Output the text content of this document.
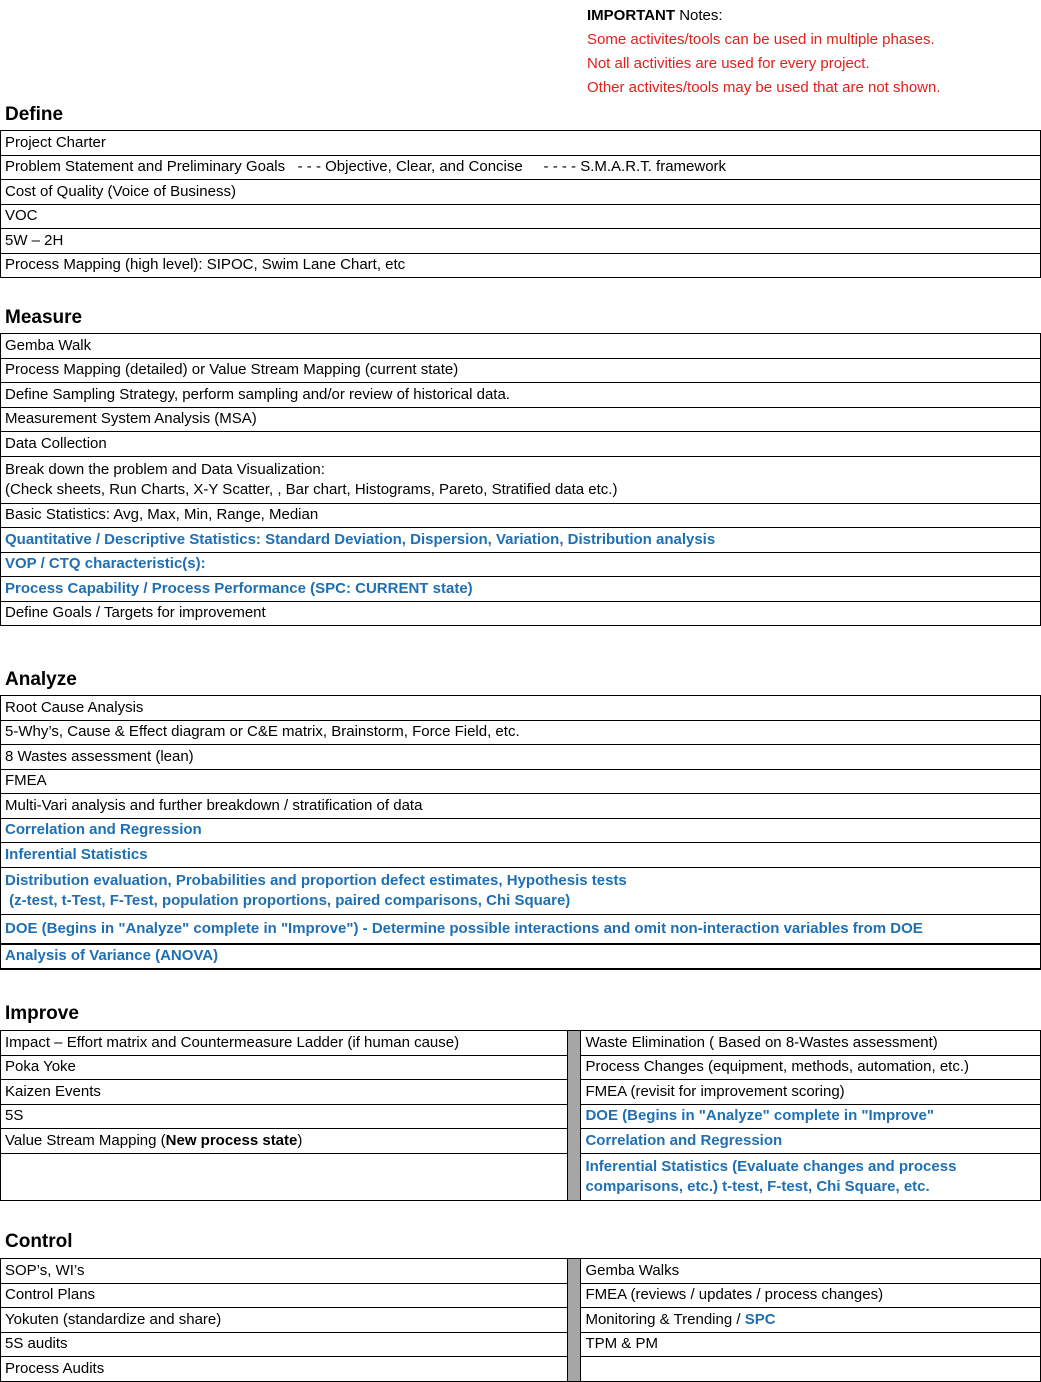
IMPORTANT Notes:
Some activites/tools can be used in multiple phases.
Not all activities are used for every project.
Other activites/tools may be used that are not shown.
Define
Project Charter
Problem Statement and Preliminary Goals   - - - Objective, Clear, and Concise     - - - - S.M.A.R.T. framework
Cost of Quality (Voice of Business)
VOC
5W – 2H
Process Mapping (high level): SIPOC, Swim Lane Chart, etc
Measure
Gemba Walk
Process Mapping (detailed) or Value Stream Mapping (current state)
Define Sampling Strategy, perform sampling and/or review of historical data.
Measurement System Analysis (MSA)
Data Collection

Break down the problem and Data Visualization:
(Check sheets, Run Charts, X-Y Scatter, , Bar chart, Histograms, Pareto, Stratified data etc.)

Basic Statistics: Avg, Max, Min, Range, Median
Quantitative / Descriptive Statistics: Standard Deviation, Dispersion, Variation, Distribution analysis
VOP / CTQ characteristic(s):
Process Capability / Process Performance (SPC: CURRENT state)
Define Goals / Targets for improvement
Analyze
Root Cause Analysis
5-Why’s, Cause & Effect diagram or C&E matrix, Brainstorm, Force Field, etc.
8 Wastes assessment (lean)
FMEA
Multi-Vari analysis and further breakdown / stratification of data
Correlation and Regression
Inferential Statistics

Distribution evaluation, Probabilities and proportion defect estimates, Hypothesis tests
(z-test, t-Test, F-Test, population proportions, paired comparisons, Chi Square)

DOE (Begins in "Analyze" complete in "Improve") - Determine possible interactions and omit non-interaction variables from DOE
Analysis of Variance (ANOVA)
Improve
Impact – Effort matrix and Countermeasure Ladder (if human cause)		Waste Elimination ( Based on 8-Wastes assessment)
Poka Yoke		Process Changes (equipment, methods, automation, etc.)
Kaizen Events		FMEA (revisit for improvement scoring)
5S		DOE (Begins in "Analyze" complete in "Improve"
Value Stream Mapping (New process state)		Correlation and Regression

		Inferential Statistics (Evaluate changes and process
comparisons, etc.) t-test, F-test, Chi Square, etc.
Control
SOP’s, WI’s		Gemba Walks
Control Plans		FMEA (reviews / updates / process changes)
Yokuten (standardize and share)		Monitoring & Trending / SPC
5S audits		TPM & PM
Process Audits		
